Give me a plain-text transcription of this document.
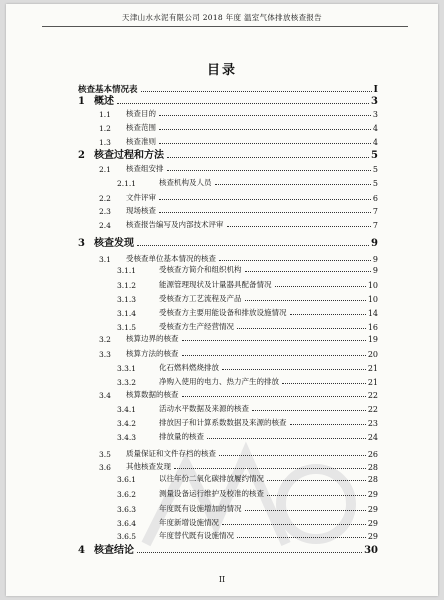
天津山水水泥有限公司 2018 年度 温室气体排放核查报告
目录
核查基本情况表	I
1 概述	3
1.1	核查目的	3
1.2	核查范围	4
1.3	核查准则	4
2 核查过程和方法	5
2.1	核查组安排	5
2.1.1	核查机构及人员	5
2.2	文件评审	6
2.3	现场核查	7
2.4	核查报告编写及内部技术评审	7
3 核查发现	9
3.1	受核查单位基本情况的核查	9
3.1.1	受核查方简介和组织机构	9
3.1.2	能源管理现状及计量器具配备情况	10
3.1.3	受核查方工艺流程及产品	10
3.1.4	受核查方主要用能设备和排放设施情况	14
3.1.5	受核查方生产经营情况	16
3.2	核算边界的核查	19
3.3	核算方法的核查	20
3.3.1	化石燃料燃烧排放	21
3.3.2	净购入使用的电力、热力产生的排放	21
3.4	核算数据的核查	22
3.4.1	活动水平数据及来源的核查	22
3.4.2	排放因子和计算系数数据及来源的核查	23
3.4.3	排放量的核查	24
3.5	质量保证和文件存档的核查	26
3.6	其他核查发现	28
3.6.1	以往年份二氧化碳排放履约情况	28
3.6.2	测量设备运行维护及校准的核查	29
3.6.3	年度既有设施增加的情况	29
3.6.4	年度新增设施情况	29
3.6.5	年度替代既有设施情况	29
4 核查结论	30
II
